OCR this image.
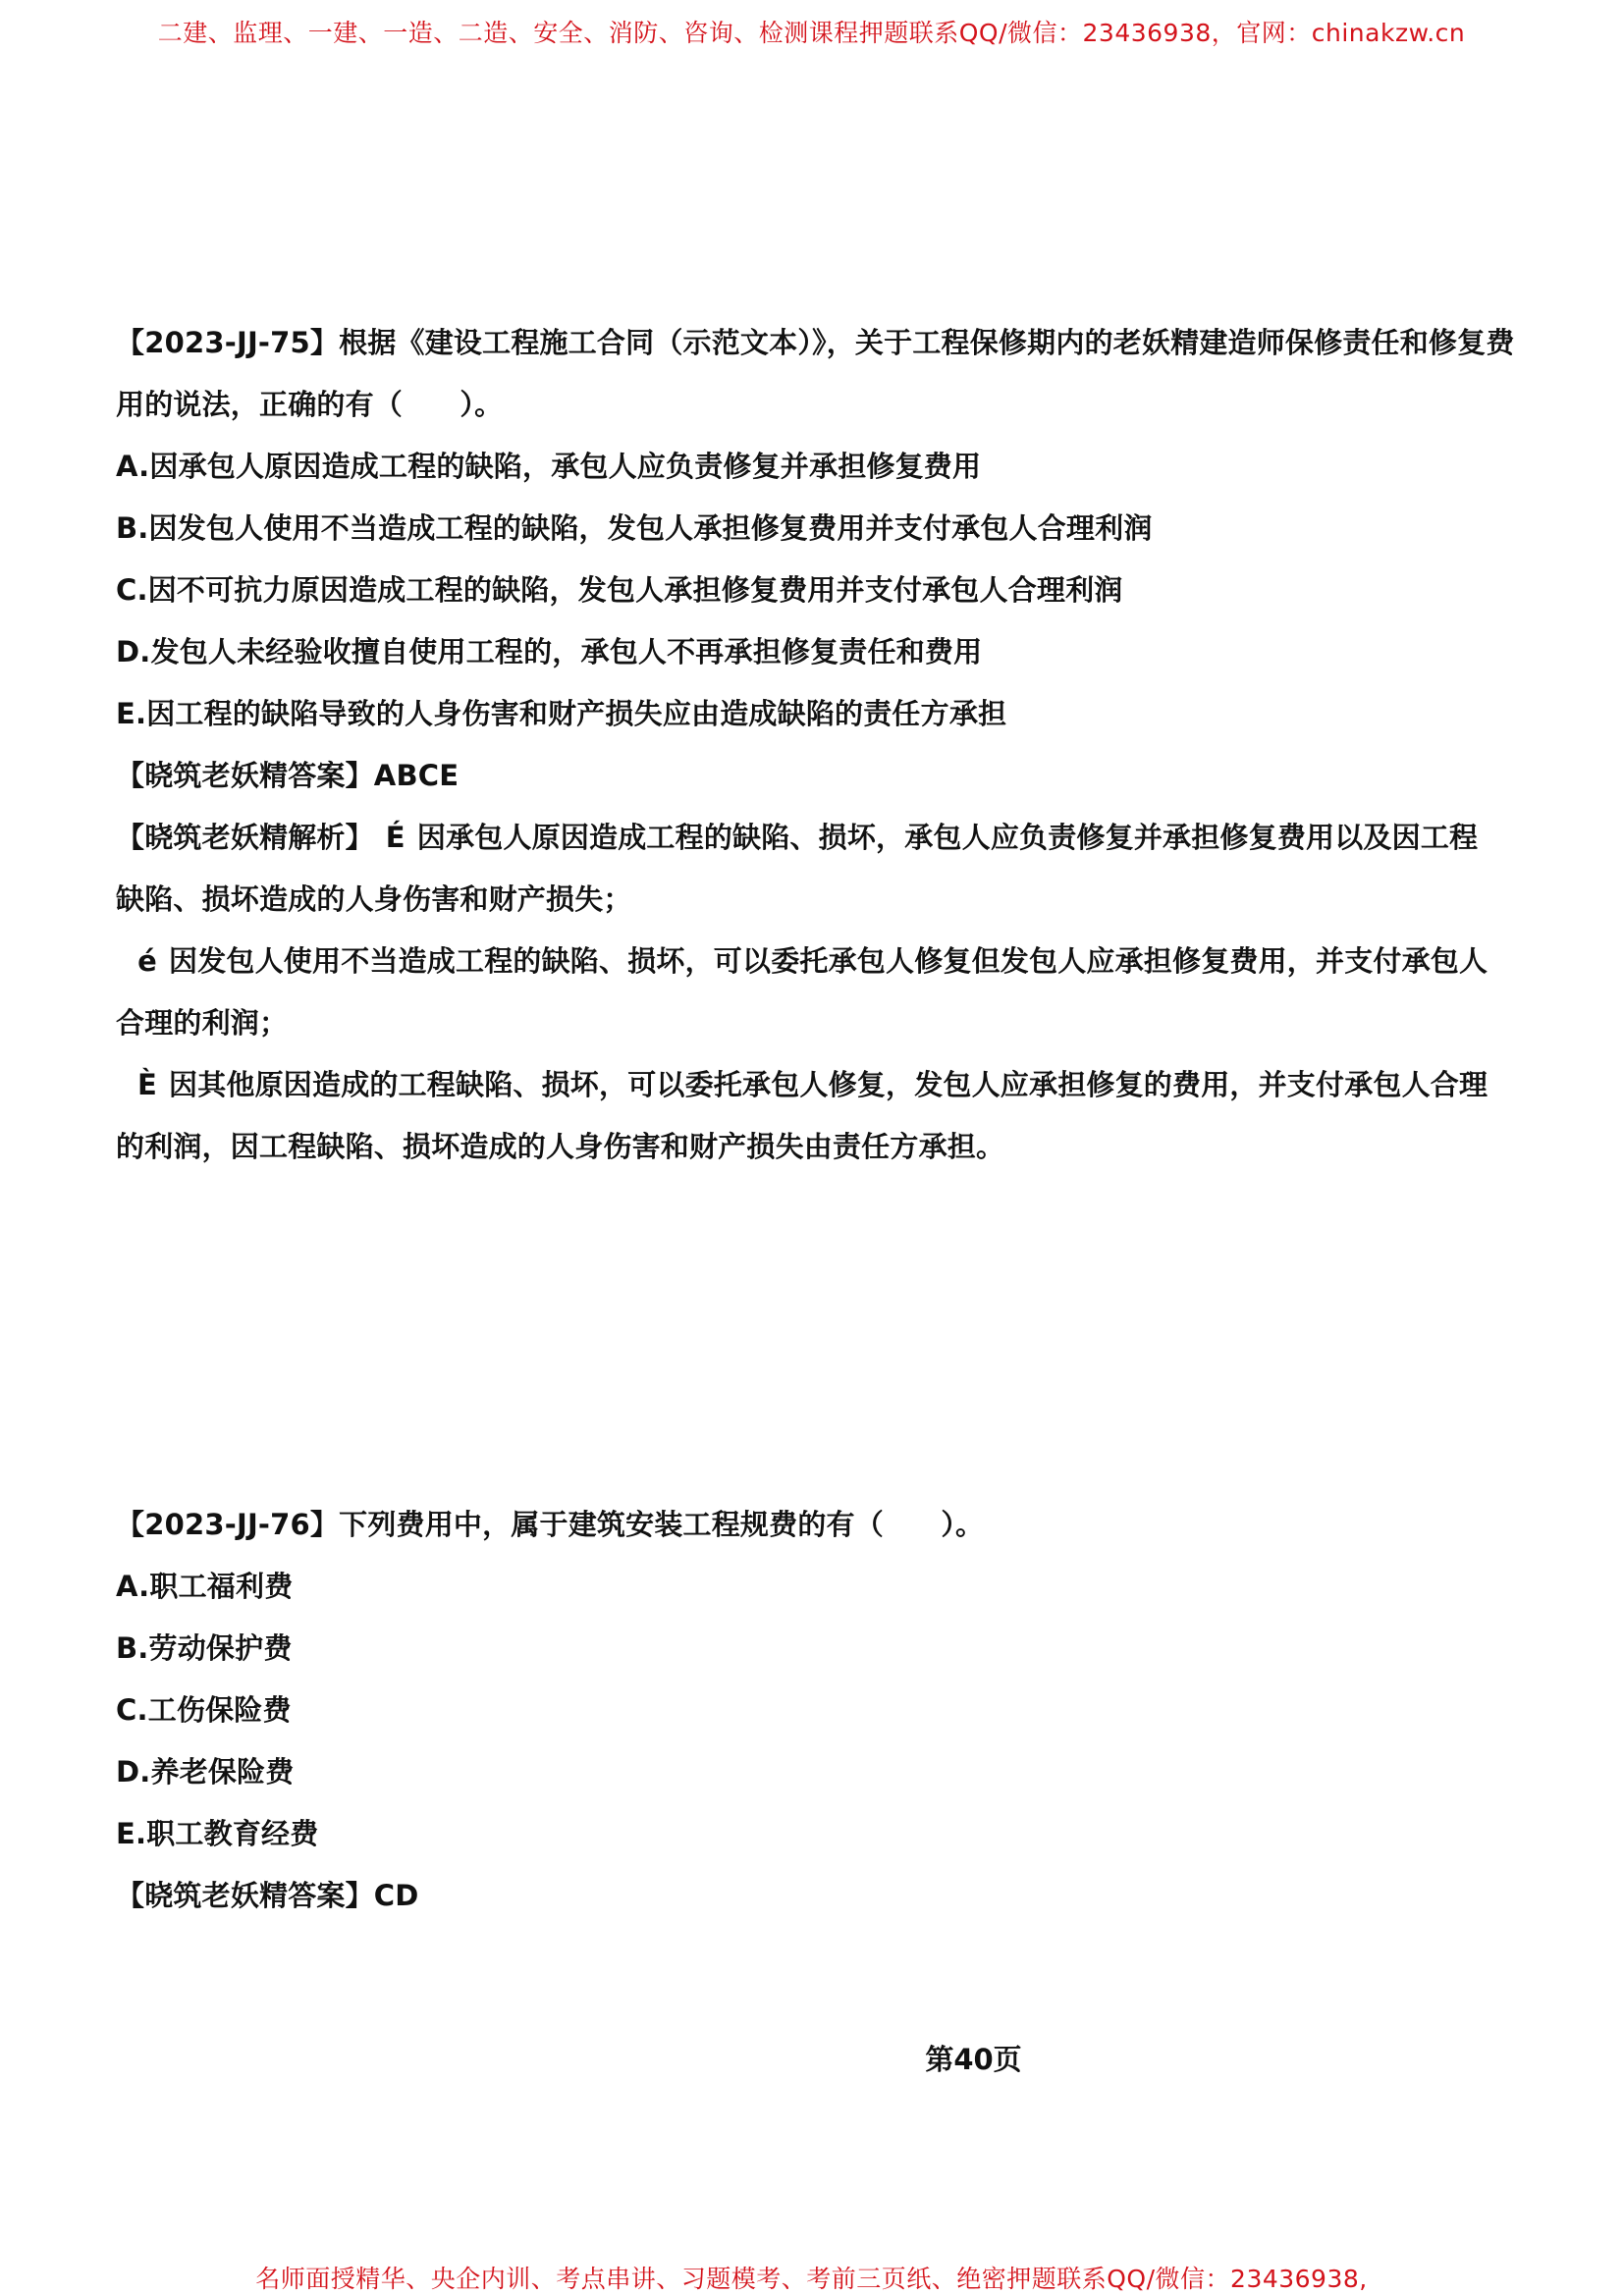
二建、监理、一建、一造、二造、安全、消防、咨询、检测课程押题联系QQ/微信：23436938，官网：chinakzw.cn
【2023-JJ-75】根据《建设工程施工合同（示范文本）》，关于工程保修期内的老妖精建造师保修责任和修复费
用的说法，正确的有（　　）。
A.因承包人原因造成工程的缺陷，承包人应负责修复并承担修复费用
B.因发包人使用不当造成工程的缺陷，发包人承担修复费用并支付承包人合理利润
C.因不可抗力原因造成工程的缺陷，发包人承担修复费用并支付承包人合理利润
D.发包人未经验收擅自使用工程的，承包人不再承担修复责任和费用
E.因工程的缺陷导致的人身伤害和财产损失应由造成缺陷的责任方承担
【晓筑老妖精答案】ABCE
【晓筑老妖精解析】 É 因承包人原因造成工程的缺陷、损坏，承包人应负责修复并承担修复费用以及因工程
缺陷、损坏造成的人身伤害和财产损失；
é 因发包人使用不当造成工程的缺陷、损坏，可以委托承包人修复但发包人应承担修复费用，并支付承包人
合理的利润；
È 因其他原因造成的工程缺陷、损坏，可以委托承包人修复，发包人应承担修复的费用，并支付承包人合理
的利润，因工程缺陷、损坏造成的人身伤害和财产损失由责任方承担。
【2023-JJ-76】下列费用中，属于建筑安装工程规费的有（　　）。
A.职工福利费
B.劳动保护费
C.工伤保险费
D.养老保险费
E.职工教育经费
【晓筑老妖精答案】CD
第40页
名师面授精华、央企内训、考点串讲、习题模考、考前三页纸、绝密押题联系QQ/微信：23436938,
